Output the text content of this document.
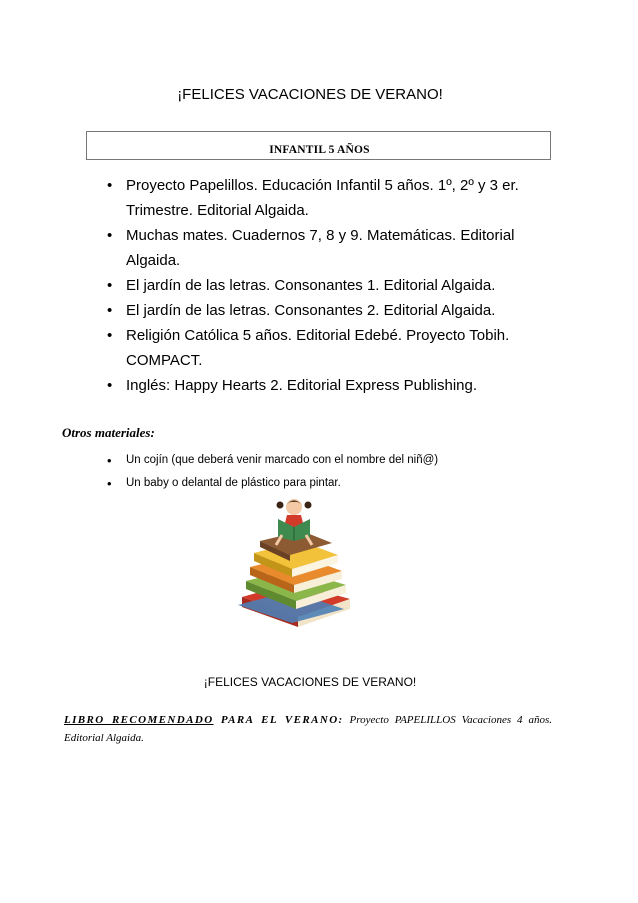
¡FELICES VACACIONES DE VERANO!
INFANTIL 5 AÑOS
• Proyecto Papelillos. Educación Infantil 5 años. 1º, 2º y 3 er. Trimestre. Editorial Algaida.
• Muchas mates. Cuadernos 7, 8 y 9. Matemáticas. Editorial Algaida.
• El jardín de las letras. Consonantes 1. Editorial Algaida.
• El jardín de las letras. Consonantes 2. Editorial Algaida.
• Religión Católica 5 años. Editorial Edebé. Proyecto Tobih. COMPACT.
• Inglés: Happy Hearts 2. Editorial Express Publishing.
Otros materiales:
• Un cojín (que deberá venir marcado con el nombre del niñ@)
• Un baby o delantal de plástico para pintar.
¡FELICES VACACIONES DE VERANO!
LIBRO RECOMENDADO PARA EL VERANO: Proyecto PAPELILLOS Vacaciones 4 años. Editorial Algaida.
